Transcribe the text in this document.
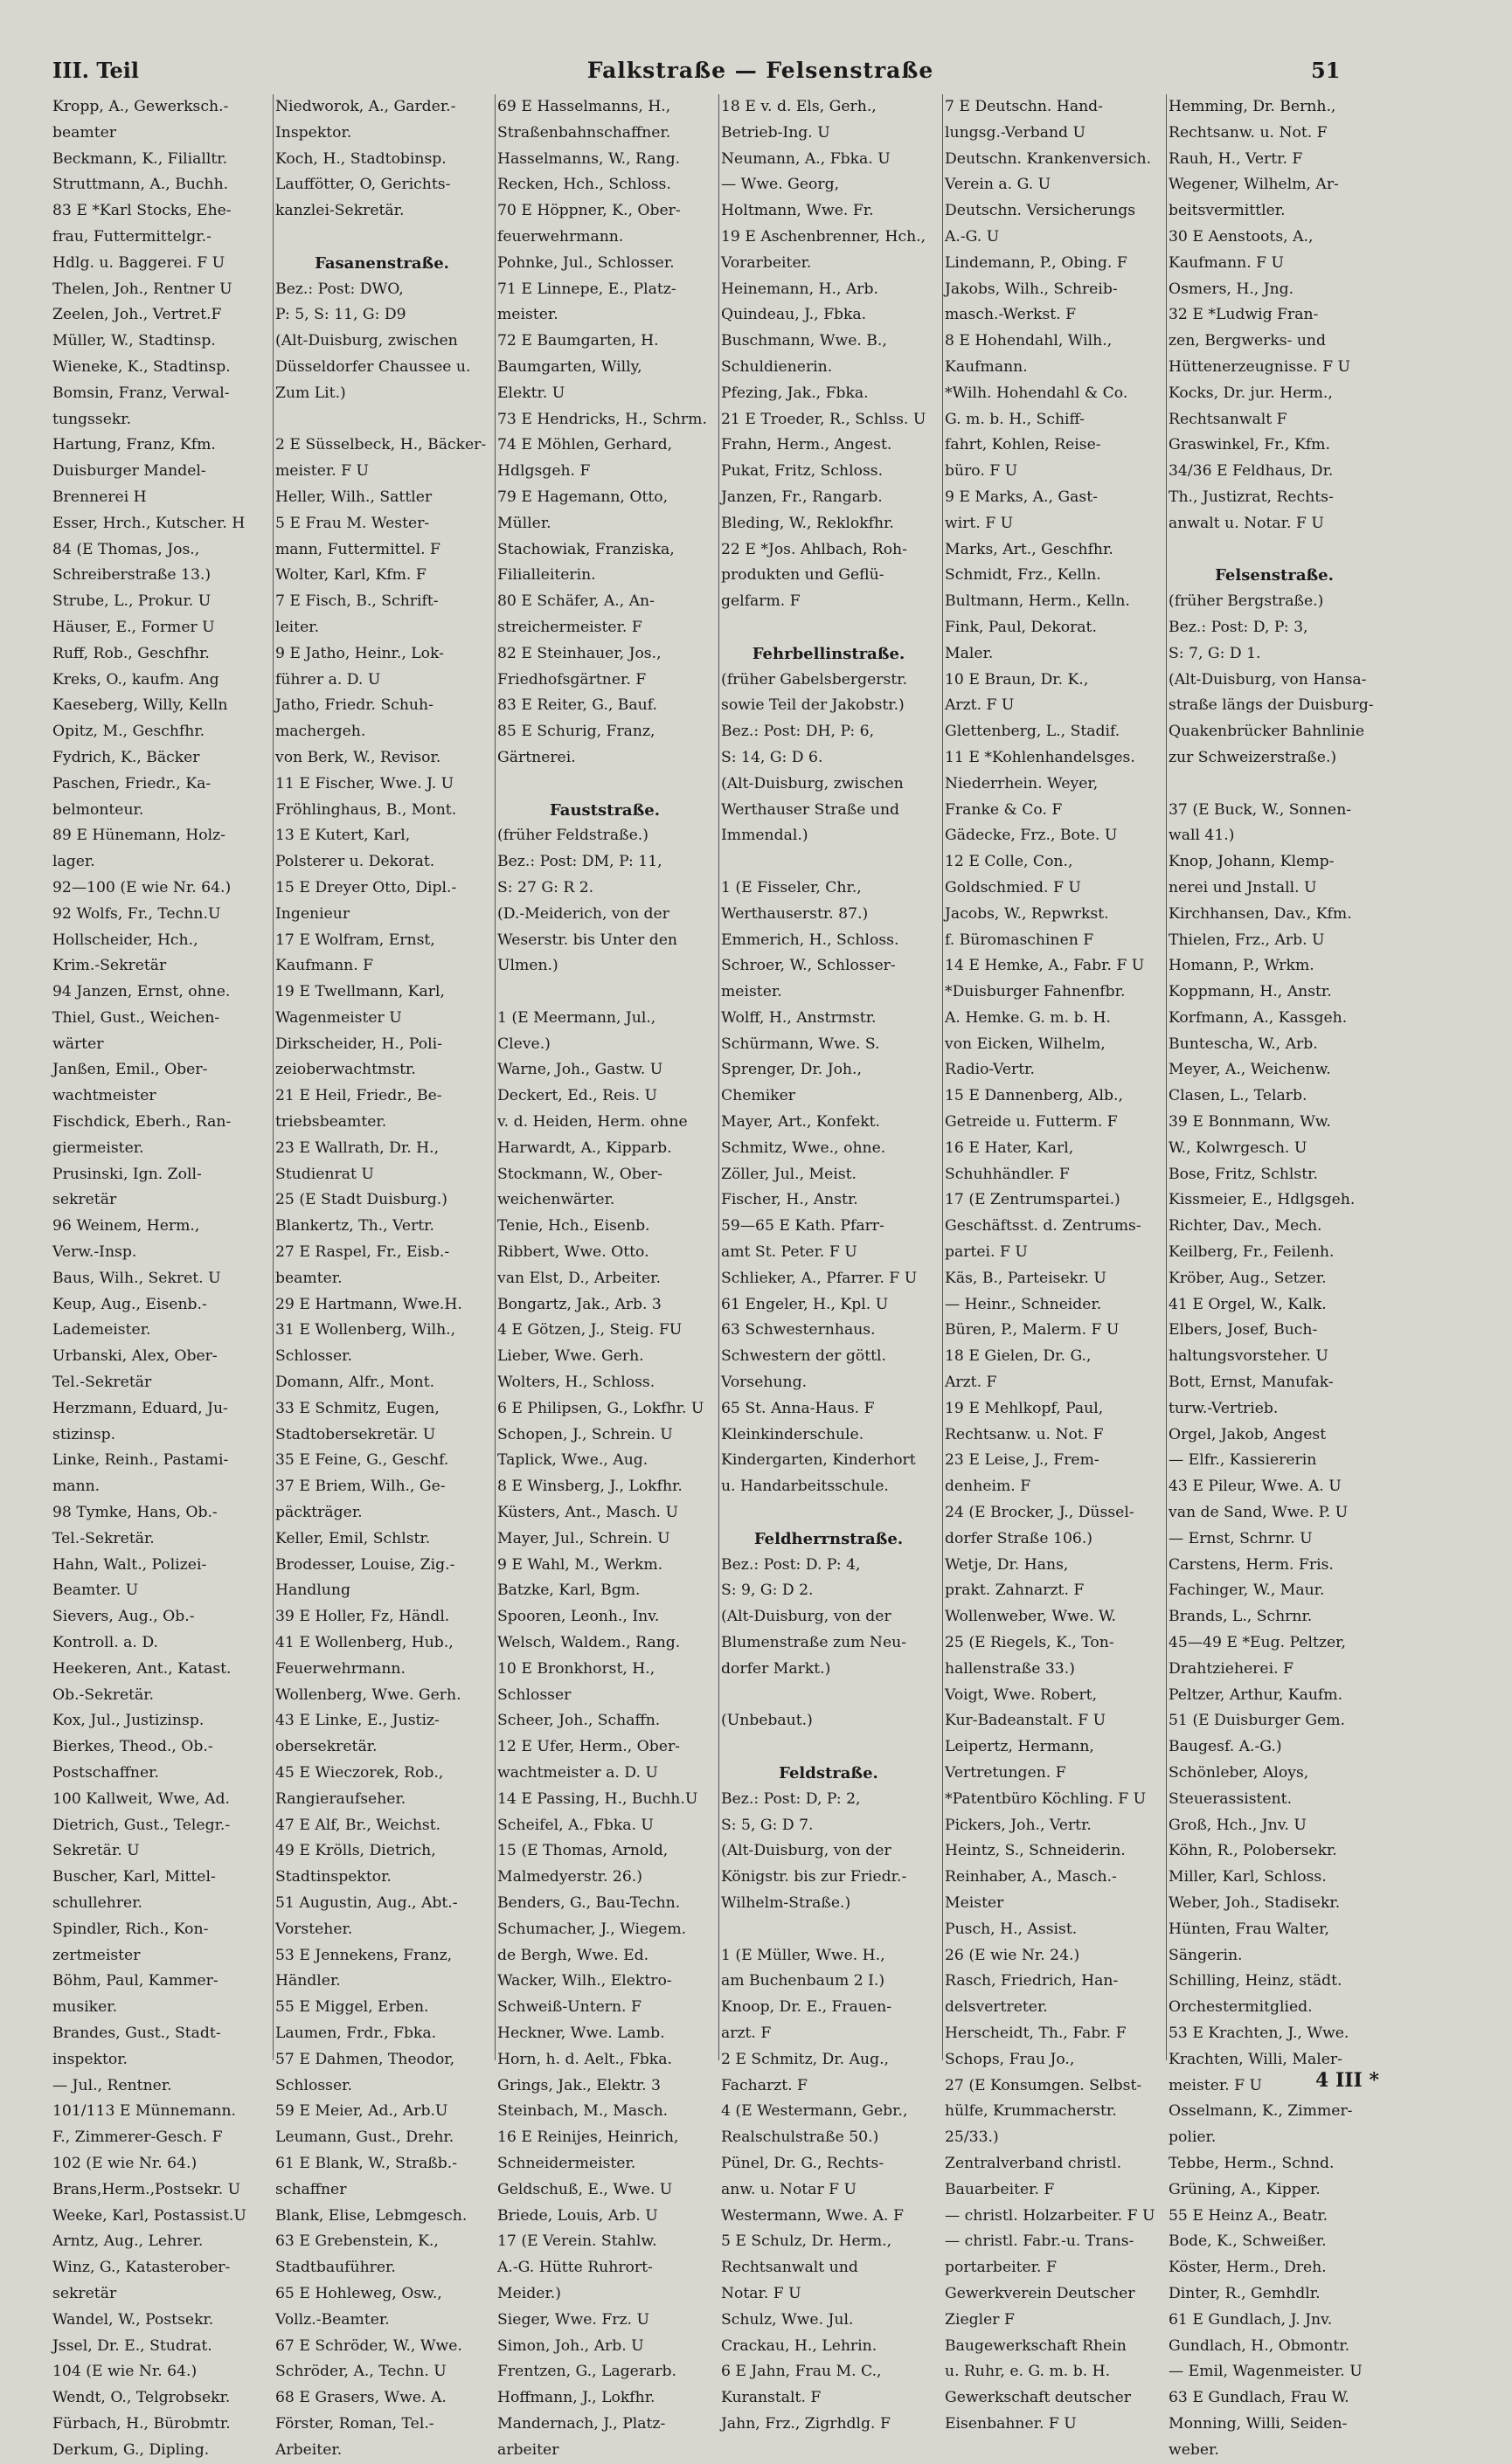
III. Teil	Falkstraße — Felsenstraße	51
Kropp, A., Gewerksch.-
beamter
Beckmann, K., Filialltr.
Struttmann, A., Buchh.
83 E *Karl Stocks, Ehe-
frau, Futtermittelgr.-
Hdlg. u. Baggerei. F U
Thelen, Joh., Rentner U
Zeelen, Joh., Vertret.F
Müller, W., Stadtinsp.
Wieneke, K., Stadtinsp.
Bomsin, Franz, Verwal-
tungssekr.
Hartung, Franz, Kfm.
Duisburger Mandel-
Brennerei H
Esser, Hrch., Kutscher. H
84 (E Thomas, Jos.,
Schreiberstraße 13.)
Strube, L., Prokur. U
Häuser, E., Former U
Ruff, Rob., Geschfhr.
Kreks, O., kaufm. Ang
Kaeseberg, Willy, Kelln
Opitz, M., Geschfhr.
Fydrich, K., Bäcker
Paschen, Friedr., Ka-
belmonteur.
89 E Hünemann, Holz-
lager.
92—100 (E wie Nr. 64.)
92 Wolfs, Fr., Techn.U
Hollscheider, Hch.,
Krim.-Sekretär
94 Janzen, Ernst, ohne.
Thiel, Gust., Weichen-
wärter
Janßen, Emil., Ober-
wachtmeister
Fischdick, Eberh., Ran-
giermeister.
Prusinski, Ign. Zoll-
sekretär
96 Weinem, Herm.,
Verw.-Insp.
Baus, Wilh., Sekret. U
Keup, Aug., Eisenb.-
Lademeister.
Urbanski, Alex, Ober-
Tel.-Sekretär
Herzmann, Eduard, Ju-
stizinsp.
Linke, Reinh., Pastami-
mann.
98 Tymke, Hans, Ob.-
Tel.-Sekretär.
Hahn, Walt., Polizei-
Beamter. U
Sievers, Aug., Ob.-
Kontroll. a. D.
Heekeren, Ant., Katast.
Ob.-Sekretär.
Kox, Jul., Justizinsp.
Bierkes, Theod., Ob.-
Postschaffner.
100 Kallweit, Wwe, Ad.
Dietrich, Gust., Telegr.-
Sekretär. U
Buscher, Karl, Mittel-
schullehrer.
Spindler, Rich., Kon-
zertmeister
Böhm, Paul, Kammer-
musiker.
Brandes, Gust., Stadt-
inspektor.
— Jul., Rentner.
101/113 E Münnemann.
F., Zimmerer-Gesch. F
102 (E wie Nr. 64.)
Brans,Herm.,Postsekr. U
Weeke, Karl, Postassist.U
Arntz, Aug., Lehrer.
Winz, G., Katasterober-
sekretär
Wandel, W., Postsekr.
Jssel, Dr. E., Studrat.
104 (E wie Nr. 64.)
Wendt, O., Telgrobsekr.
Fürbach, H., Bürobmtr.
Derkum, G., Dipling.
Niedworok, A., Garder.-
Inspektor.
Koch, H., Stadtobinsp.
Lauffötter, O, Gerichts-
kanzlei-Sekretär.

Fasanenstraße.
Bez.: Post: DWO,
P: 5, S: 11, G: D9
(Alt-Duisburg, zwischen
Düsseldorfer Chaussee u.
Zum Lit.)

2 E Süsselbeck, H., Bäcker-
meister. F U
Heller, Wilh., Sattler
5 E Frau M. Wester-
mann, Futtermittel. F
Wolter, Karl, Kfm. F
7 E Fisch, B., Schrift-
leiter.
9 E Jatho, Heinr., Lok-
führer a. D. U
Jatho, Friedr. Schuh-
machergeh.
von Berk, W., Revisor.
11 E Fischer, Wwe. J. U
Fröhlinghaus, B., Mont.
13 E Kutert, Karl,
Polsterer u. Dekorat.
15 E Dreyer Otto, Dipl.-
Ingenieur
17 E Wolfram, Ernst,
Kaufmann. F
19 E Twellmann, Karl,
Wagenmeister U
Dirkscheider, H., Poli-
zeioberwachtmstr.
21 E Heil, Friedr., Be-
triebsbeamter.
23 E Wallrath, Dr. H.,
Studienrat U
25 (E Stadt Duisburg.)
Blankertz, Th., Vertr.
27 E Raspel, Fr., Eisb.-
beamter.
29 E Hartmann, Wwe.H.
31 E Wollenberg, Wilh.,
Schlosser.
Domann, Alfr., Mont.
33 E Schmitz, Eugen,
Stadtobersekretär. U
35 E Feine, G., Geschf.
37 E Briem, Wilh., Ge-
päckträger.
Keller, Emil, Schlstr.
Brodesser, Louise, Zig.-
Handlung
39 E Holler, Fz, Händl.
41 E Wollenberg, Hub.,
Feuerwehrmann.
Wollenberg, Wwe. Gerh.
43 E Linke, E., Justiz-
obersekretär.
45 E Wieczorek, Rob.,
Rangieraufseher.
47 E Alf, Br., Weichst.
49 E Krölls, Dietrich,
Stadtinspektor.
51 Augustin, Aug., Abt.-
Vorsteher.
53 E Jennekens, Franz,
Händler.
55 E Miggel, Erben.
Laumen, Frdr., Fbka.
57 E Dahmen, Theodor,
Schlosser.
59 E Meier, Ad., Arb.U
Leumann, Gust., Drehr.
61 E Blank, W., Straßb.-
schaffner
Blank, Elise, Lebmgesch.
63 E Grebenstein, K.,
Stadtbauführer.
65 E Hohleweg, Osw.,
Vollz.-Beamter.
67 E Schröder, W., Wwe.
Schröder, A., Techn. U
68 E Grasers, Wwe. A.
Förster, Roman, Tel.-
Arbeiter.
69 E Hasselmanns, H.,
Straßenbahnschaffner.
Hasselmanns, W., Rang.
Recken, Hch., Schloss.
70 E Höppner, K., Ober-
feuerwehrmann.
Pohnke, Jul., Schlosser.
71 E Linnepe, E., Platz-
meister.
72 E Baumgarten, H.
Baumgarten, Willy,
Elektr. U
73 E Hendricks, H., Schrm.
74 E Möhlen, Gerhard,
Hdlgsgeh. F
79 E Hagemann, Otto,
Müller.
Stachowiak, Franziska,
Filialleiterin.
80 E Schäfer, A., An-
streichermeister. F
82 E Steinhauer, Jos.,
Friedhofsgärtner. F
83 E Reiter, G., Bauf.
85 E Schurig, Franz,
Gärtnerei.

Fauststraße.
(früher Feldstraße.)
Bez.: Post: DM, P: 11,
S: 27 G: R 2.
(D.-Meiderich, von der
Weserstr. bis Unter den
Ulmen.)

1 (E Meermann, Jul.,
Cleve.)
Warne, Joh., Gastw. U
Deckert, Ed., Reis. U
v. d. Heiden, Herm. ohne
Harwardt, A., Kipparb.
Stockmann, W., Ober-
weichenwärter.
Tenie, Hch., Eisenb.
Ribbert, Wwe. Otto.
van Elst, D., Arbeiter.
Bongartz, Jak., Arb. 3
4 E Götzen, J., Steig. FU
Lieber, Wwe. Gerh.
Wolters, H., Schloss.
6 E Philipsen, G., Lokfhr. U
Schopen, J., Schrein. U
Taplick, Wwe., Aug.
8 E Winsberg, J., Lokfhr.
Küsters, Ant., Masch. U
Mayer, Jul., Schrein. U
9 E Wahl, M., Werkm.
Batzke, Karl, Bgm.
Spooren, Leonh., Inv.
Welsch, Waldem., Rang.
10 E Bronkhorst, H.,
Schlosser
Scheer, Joh., Schaffn.
12 E Ufer, Herm., Ober-
wachtmeister a. D. U
14 E Passing, H., Buchh.U
Scheifel, A., Fbka. U
15 (E Thomas, Arnold,
Malmedyerstr. 26.)
Benders, G., Bau-Techn.
Schumacher, J., Wiegem.
de Bergh, Wwe. Ed.
Wacker, Wilh., Elektro-
Schweiß-Untern. F
Heckner, Wwe. Lamb.
Horn, h. d. Aelt., Fbka.
Grings, Jak., Elektr. 3
Steinbach, M., Masch.
16 E Reinijes, Heinrich,
Schneidermeister.
Geldschuß, E., Wwe. U
Briede, Louis, Arb. U
17 (E Verein. Stahlw.
A.-G. Hütte Ruhrort-
Meider.)
Sieger, Wwe. Frz. U
Simon, Joh., Arb. U
Frentzen, G., Lagerarb.
Hoffmann, J., Lokfhr.
Mandernach, J., Platz-
arbeiter
18 E v. d. Els, Gerh.,
Betrieb-Ing. U
Neumann, A., Fbka. U
— Wwe. Georg,
Holtmann, Wwe. Fr.
19 E Aschenbrenner, Hch.,
Vorarbeiter.
Heinemann, H., Arb.
Quindeau, J., Fbka.
Buschmann, Wwe. B.,
Schuldienerin.
Pfezing, Jak., Fbka.
21 E Troeder, R., Schlss. U
Frahn, Herm., Angest.
Pukat, Fritz, Schloss.
Janzen, Fr., Rangarb.
Bleding, W., Reklokfhr.
22 E *Jos. Ahlbach, Roh-
produkten und Geflü-
gelfarm. F

Fehrbellinstraße.
(früher Gabelsbergerstr.
sowie Teil der Jakobstr.)
Bez.: Post: DH, P: 6,
S: 14, G: D 6.
(Alt-Duisburg, zwischen
Werthauser Straße und
Immendal.)

1 (E Fisseler, Chr.,
Werthauserstr. 87.)
Emmerich, H., Schloss.
Schroer, W., Schlosser-
meister.
Wolff, H., Anstrmstr.
Schürmann, Wwe. S.
Sprenger, Dr. Joh.,
Chemiker
Mayer, Art., Konfekt.
Schmitz, Wwe., ohne.
Zöller, Jul., Meist.
Fischer, H., Anstr.
59—65 E Kath. Pfarr-
amt St. Peter. F U
Schlieker, A., Pfarrer. F U
61 Engeler, H., Kpl. U
63 Schwesternhaus.
Schwestern der göttl.
Vorsehung.
65 St. Anna-Haus. F
Kleinkinderschule.
Kindergarten, Kinderhort
u. Handarbeitsschule.

Feldherrnstraße.
Bez.: Post: D. P: 4,
S: 9, G: D 2.
(Alt-Duisburg, von der
Blumenstraße zum Neu-
dorfer Markt.)

(Unbebaut.)

Feldstraße.
Bez.: Post: D, P: 2,
S: 5, G: D 7.
(Alt-Duisburg, von der
Königstr. bis zur Friedr.-
Wilhelm-Straße.)

1 (E Müller, Wwe. H.,
am Buchenbaum 2 I.)
Knoop, Dr. E., Frauen-
arzt. F
2 E Schmitz, Dr. Aug.,
Facharzt. F
4 (E Westermann, Gebr.,
Realschulstraße 50.)
Pünel, Dr. G., Rechts-
anw. u. Notar F U
Westermann, Wwe. A. F
5 E Schulz, Dr. Herm.,
Rechtsanwalt und
Notar. F U
Schulz, Wwe. Jul.
Crackau, H., Lehrin.
6 E Jahn, Frau M. C.,
Kuranstalt. F
Jahn, Frz., Zigrhdlg. F
7 E Deutschn. Hand-
lungsg.-Verband U
Deutschn. Krankenversich.
Verein a. G. U
Deutschn. Versicherungs
A.-G. U
Lindemann, P., Obing. F
Jakobs, Wilh., Schreib-
masch.-Werkst. F
8 E Hohendahl, Wilh.,
Kaufmann.
*Wilh. Hohendahl & Co.
G. m. b. H., Schiff-
fahrt, Kohlen, Reise-
büro. F U
9 E Marks, A., Gast-
wirt. F U
Marks, Art., Geschfhr.
Schmidt, Frz., Kelln.
Bultmann, Herm., Kelln.
Fink, Paul, Dekorat.
Maler.
10 E Braun, Dr. K.,
Arzt. F U
Glettenberg, L., Stadif.
11 E *Kohlenhandelsges.
Niederrhein. Weyer,
Franke & Co. F
Gädecke, Frz., Bote. U
12 E Colle, Con.,
Goldschmied. F U
Jacobs, W., Repwrkst.
f. Büromaschinen F
14 E Hemke, A., Fabr. F U
*Duisburger Fahnenfbr.
A. Hemke. G. m. b. H.
von Eicken, Wilhelm,
Radio-Vertr.
15 E Dannenberg, Alb.,
Getreide u. Futterm. F
16 E Hater, Karl,
Schuhhändler. F
17 (E Zentrumspartei.)
Geschäftsst. d. Zentrums-
partei. F U
Käs, B., Parteisekr. U
— Heinr., Schneider.
Büren, P., Malerm. F U
18 E Gielen, Dr. G.,
Arzt. F
19 E Mehlkopf, Paul,
Rechtsanw. u. Not. F
23 E Leise, J., Frem-
denheim. F
24 (E Brocker, J., Düssel-
dorfer Straße 106.)
Wetje, Dr. Hans,
prakt. Zahnarzt. F
Wollenweber, Wwe. W.
25 (E Riegels, K., Ton-
hallenstraße 33.)
Voigt, Wwe. Robert,
Kur-Badeanstalt. F U
Leipertz, Hermann,
Vertretungen. F
*Patentbüro Köchling. F U
Pickers, Joh., Vertr.
Heintz, S., Schneiderin.
Reinhaber, A., Masch.-
Meister
Pusch, H., Assist.
26 (E wie Nr. 24.)
Rasch, Friedrich, Han-
delsvertreter.
Herscheidt, Th., Fabr. F
Schops, Frau Jo.,
27 (E Konsumgen. Selbst-
hülfe, Krummacherstr.
25/33.)
Zentralverband christl.
Bauarbeiter. F
— christl. Holzarbeiter. F U
— christl. Fabr.-u. Trans-
portarbeiter. F
Gewerkverein Deutscher
Ziegler F
Baugewerkschaft Rhein
u. Ruhr, e. G. m. b. H.
Gewerkschaft deutscher
Eisenbahner. F U
Hemming, Dr. Bernh.,
Rechtsanw. u. Not. F
Rauh, H., Vertr. F
Wegener, Wilhelm, Ar-
beitsvermittler.
30 E Aenstoots, A.,
Kaufmann. F U
Osmers, H., Jng.
32 E *Ludwig Fran-
zen, Bergwerks- und
Hüttenerzeugnisse. F U
Kocks, Dr. jur. Herm.,
Rechtsanwalt F
Graswinkel, Fr., Kfm.
34/36 E Feldhaus, Dr.
Th., Justizrat, Rechts-
anwalt u. Notar. F U

Felsenstraße.
(früher Bergstraße.)
Bez.: Post: D, P: 3,
S: 7, G: D 1.
(Alt-Duisburg, von Hansa-
straße längs der Duisburg-
Quakenbrücker Bahnlinie
zur Schweizerstraße.)

37 (E Buck, W., Sonnen-
wall 41.)
Knop, Johann, Klemp-
nerei und Jnstall. U
Kirchhansen, Dav., Kfm.
Thielen, Frz., Arb. U
Homann, P., Wrkm.
Koppmann, H., Anstr.
Korfmann, A., Kassgeh.
Buntescha, W., Arb.
Meyer, A., Weichenw.
Clasen, L., Telarb.
39 E Bonnmann, Ww.
W., Kolwrgesch. U
Bose, Fritz, Schlstr.
Kissmeier, E., Hdlgsgeh.
Richter, Dav., Mech.
Keilberg, Fr., Feilenh.
Kröber, Aug., Setzer.
41 E Orgel, W., Kalk.
Elbers, Josef, Buch-
haltungsvorsteher. U
Bott, Ernst, Manufak-
turw.-Vertrieb.
Orgel, Jakob, Angest
— Elfr., Kassiererin
43 E Pileur, Wwe. A. U
van de Sand, Wwe. P. U
— Ernst, Schrnr. U
Carstens, Herm. Fris.
Fachinger, W., Maur.
Brands, L., Schrnr.
45—49 E *Eug. Peltzer,
Drahtzieherei. F
Peltzer, Arthur, Kaufm.
51 (E Duisburger Gem.
Baugesf. A.-G.)
Schönleber, Aloys,
Steuerassistent.
Groß, Hch., Jnv. U
Köhn, R., Polobersekr.
Miller, Karl, Schloss.
Weber, Joh., Stadisekr.
Hünten, Frau Walter,
Sängerin.
Schilling, Heinz, städt.
Orchestermitglied.
53 E Krachten, J., Wwe.
Krachten, Willi, Maler-
meister. F U
Osselmann, K., Zimmer-
polier.
Tebbe, Herm., Schnd.
Grüning, A., Kipper.
55 E Heinz A., Beatr.
Bode, K., Schweißer.
Köster, Herm., Dreh.
Dinter, R., Gemhdlr.
61 E Gundlach, J. Jnv.
Gundlach, H., Obmontr.
— Emil, Wagenmeister. U
63 E Gundlach, Frau W.
Monning, Willi, Seiden-
weber.
4 III *
